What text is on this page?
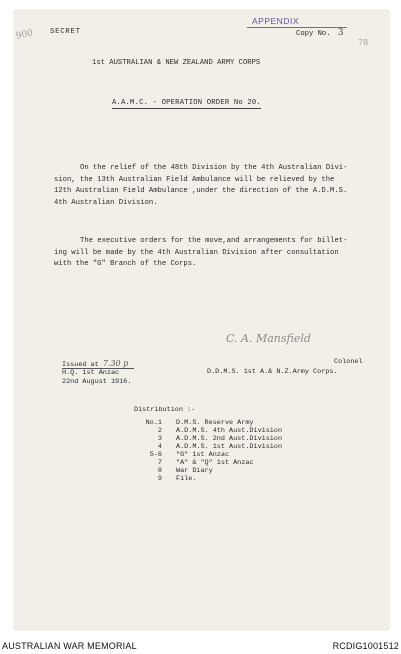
900
APPENDIX
78
SECRET	Copy No. 3
1st AUSTRALIAN & NEW ZEALAND ARMY CORPS
A.A.M.C. - OPERATION ORDER No 20.
On the relief of the 48th Division by the 4th Australian Divi-
sion, the 13th Australian Field Ambulance will be relieved by the
12th Australian Field Ambulance ,under the direction of the A.D.M.S.
4th Australian Division.
The executive orders for the move,and arrangements for billet-
ing will be made by the 4th Australian Division after consultation
with the "G" Branch of the Corps.
C. A. Mansfield
Colonel
D.D.M.S. 1st A.& N.Z.Army Corps.
Issued at 7.30 p
H.Q. 1st Anzac
22nd August 1916.
Distribution :-
No.1 D.M.S. Reserve Army
2 A.D.M.S. 4th Aust.Division
3 A.D.M.S. 2nd Aust.Division
4 A.D.M.S. 1st Aust.Division
5-6 "G" 1st Anzac
7 "A" & "Q" 1st Anzac
8 War Diary
9 File.
AUSTRALIAN WAR MEMORIAL	RCDIG1001512
